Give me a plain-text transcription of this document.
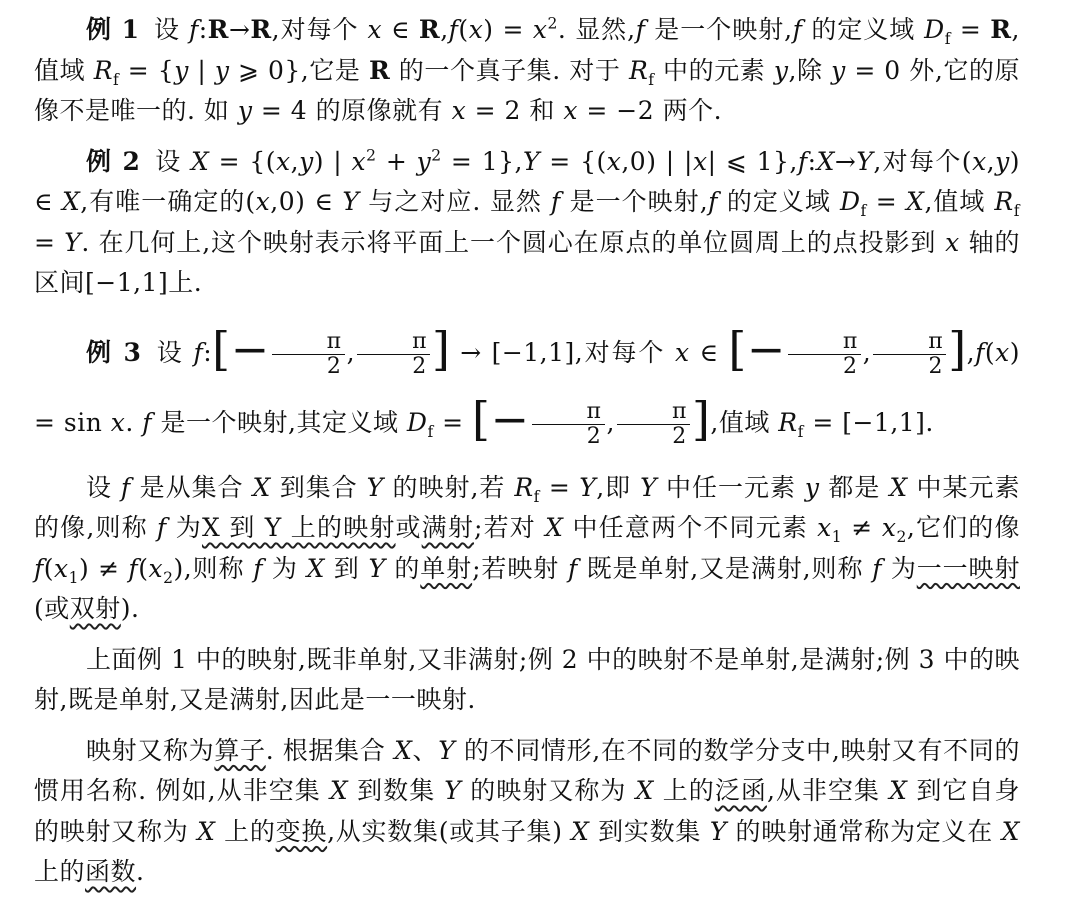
例 1 设 f:R→R,对每个 x ∈ $R,f(x) = x^2$. 显然,f 是一个映射,f 的定义域 $D_f = R$,值域 $R_f = \{y$ | y ⩾ 0},它是 R 的一个真子集. 对于 $R_f$ 中的元素 y,除 y = 0 外,它的原像不是唯一的. 如 y = 4 的原像就有 x = 2 和 x = −2 两个.

例 2 设 X = {(x,y) | $x^2 + y^2 = 1\},Y = \{(x,0)$ | |x| ⩽ 1},f:X→Y,对每个(x,y) ∈ X,有唯一确定的(x,0) ∈ Y 与之对应. 显然 f 是一个映射,f 的定义域 $D_f = X$,值域 $R_f = Y$. 在几何上,这个映射表示将平面上一个圆心在原点的单位圆周上的点投影到 x 轴的区间[−1,1]上.

例 3 设 f:[− $\frac{\pi}{2}$ , $\frac{\pi}{2}$ ] → [−1,1],对每个 x ∈ [− $\frac{\pi}{2}$ , $\frac{\pi}{2} ],f(x) = \sin x$. f 是一个映射,其定义域 $D_f$ = [− $\frac{\pi}{2}$ , $\frac{\pi}{2}$ ],值域 $R_f = [-1,1]$.

设 f 是从集合 X 到集合 Y 的映射,若 $R_f = Y$,即 Y 中任一元素 y 都是 X 中某元素的像,则称 f 为X 到 Y 上的映射或满射;若对 X 中任意两个不同元素 $x_1 \ne x_2$,它们的像 $f(x_1) \ne f(x_2)$,则称 f 为 X 到 Y 的单射;若映射 f 既是单射,又是满射,则称 f 为一一映射(或双射).

上面例 1 中的映射,既非单射,又非满射;例 2 中的映射不是单射,是满射;例 3 中的映射,既是单射,又是满射,因此是一一映射.

映射又称为算子. 根据集合 X、Y 的不同情形,在不同的数学分支中,映射又有不同的惯用名称. 例如,从非空集 X 到数集 Y 的映射又称为 X 上的泛函,从非空集 X 到它自身的映射又称为 X 上的变换,从实数集(或其子集) X 到实数集 Y 的映射通常称为定义在 X 上的函数.
